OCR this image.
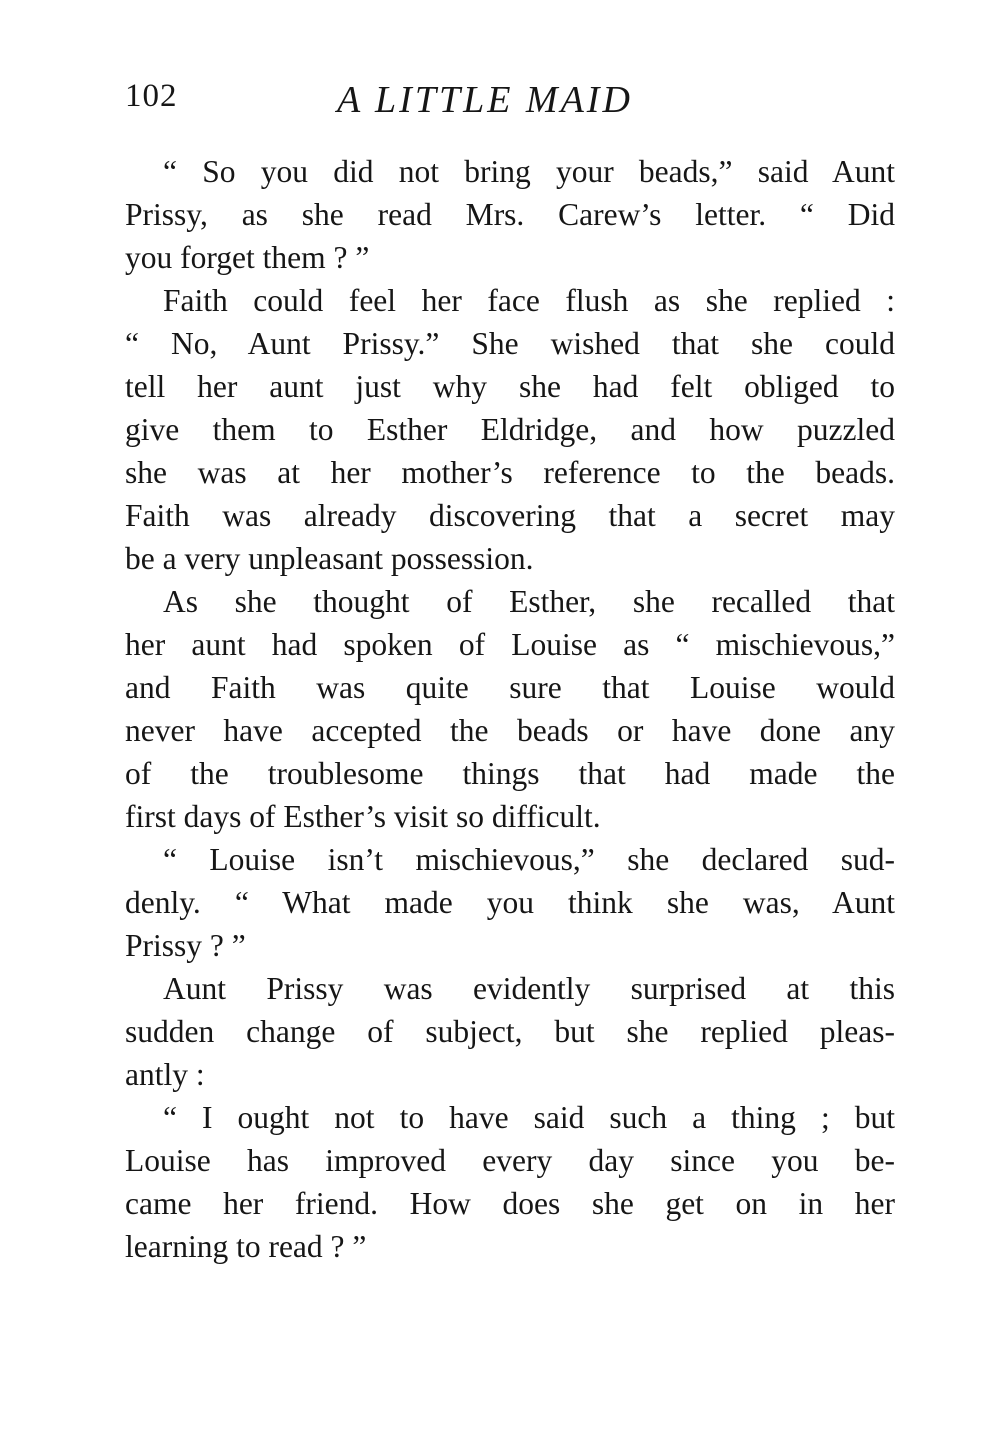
102	A LITTLE MAID

“ So you did not bring your beads,” said Aunt
Prissy, as she read Mrs. Carew’s letter. “ Did
you forget them ? ”

Faith could feel her face flush as she replied :
“ No, Aunt Prissy.” She wished that she could
tell her aunt just why she had felt obliged to
give them to Esther Eldridge, and how puzzled
she was at her mother’s reference to the beads.
Faith was already discovering that a secret may
be a very unpleasant possession.

As she thought of Esther, she recalled that
her aunt had spoken of Louise as “ mischievous,”
and Faith was quite sure that Louise would
never have accepted the beads or have done any
of the troublesome things that had made the
first days of Esther’s visit so difficult.

“ Louise isn’t mischievous,” she declared sud-
denly. “ What made you think she was, Aunt
Prissy ? ”

Aunt Prissy was evidently surprised at this
sudden change of subject, but she replied pleas-
antly :

“ I ought not to have said such a thing ; but
Louise has improved every day since you be-
came her friend. How does she get on in her
learning to read ? ”
